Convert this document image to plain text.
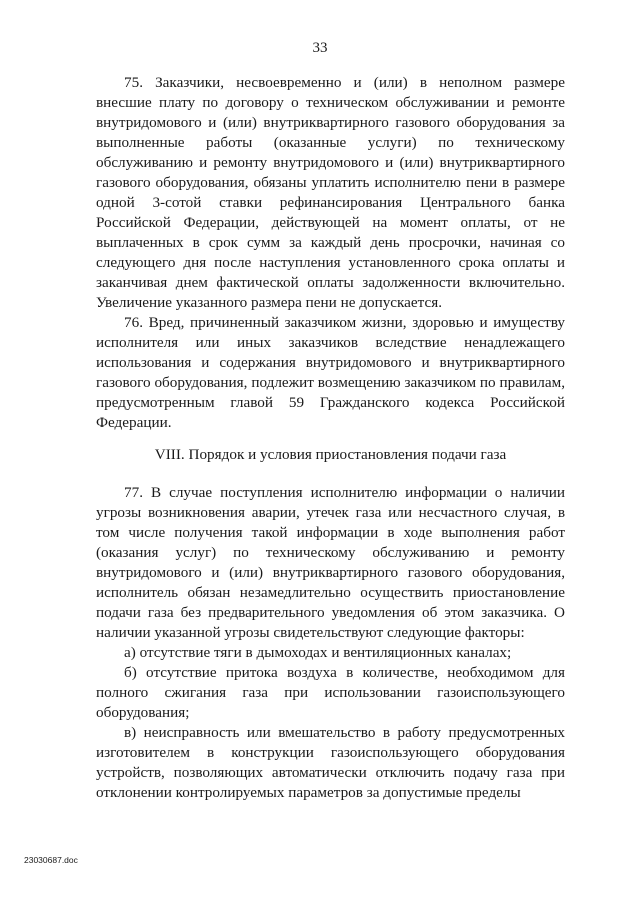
33

75. Заказчики, несвоевременно и (или) в неполном размере внесшие плату по договору о техническом обслуживании и ремонте внутридомового и (или) внутриквартирного газового оборудования за выполненные работы (оказанные услуги) по техническому обслуживанию и ремонту внутридомового и (или) внутриквартирного газового оборудования, обязаны уплатить исполнителю пени в размере одной 3-сотой ставки рефинансирования Центрального банка Российской Федерации, действующей на момент оплаты, от не выплаченных в срок сумм за каждый день просрочки, начиная со следующего дня после наступления установленного срока оплаты и заканчивая днем фактической оплаты задолженности включительно. Увеличение указанного размера пени не допускается.

76. Вред, причиненный заказчиком жизни, здоровью и имуществу исполнителя или иных заказчиков вследствие ненадлежащего использования и содержания внутридомового и внутриквартирного газового оборудования, подлежит возмещению заказчиком по правилам, предусмотренным главой 59 Гражданского кодекса Российской Федерации.

VIII. Порядок и условия приостановления подачи газа

77. В случае поступления исполнителю информации о наличии угрозы возникновения аварии, утечек газа или несчастного случая, в том числе получения такой информации в ходе выполнения работ (оказания услуг) по техническому обслуживанию и ремонту внутридомового и (или) внутриквартирного газового оборудования, исполнитель обязан незамедлительно осуществить приостановление подачи газа без предварительного уведомления об этом заказчика. О наличии указанной угрозы свидетельствуют следующие факторы:

а) отсутствие тяги в дымоходах и вентиляционных каналах;

б) отсутствие притока воздуха в количестве, необходимом для полного сжигания газа при использовании газоиспользующего оборудования;

в) неисправность или вмешательство в работу предусмотренных изготовителем в конструкции газоиспользующего оборудования устройств, позволяющих автоматически отключить подачу газа при отклонении контролируемых параметров за допустимые пределы

23030687.doc
